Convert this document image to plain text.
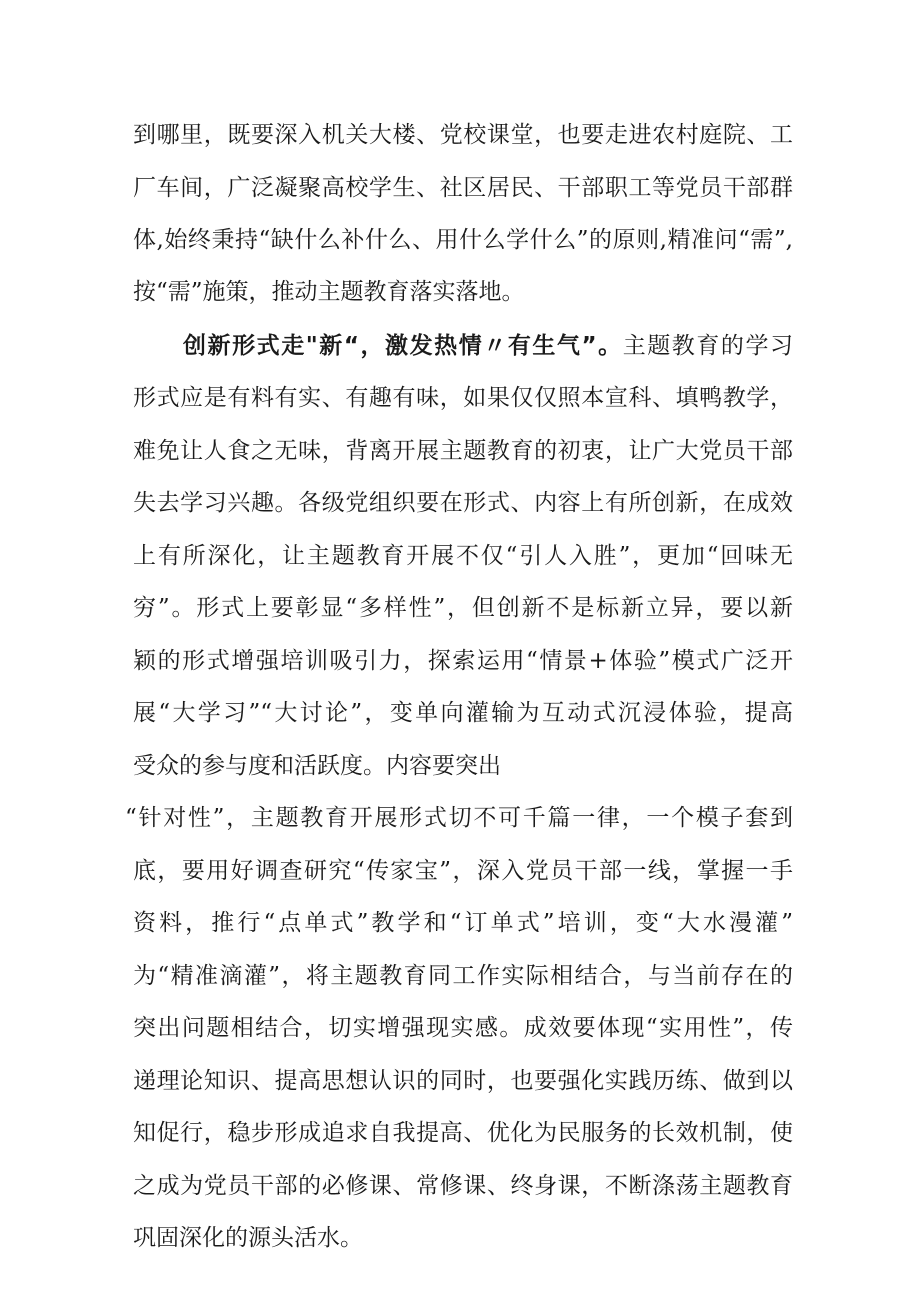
到哪里，既要深入机关大楼、党校课堂，也要走进农村庭院、工
厂车间，广泛凝聚高校学生、社区居民、干部职工等党员干部群
体,始终秉持“缺什么补什么、用什么学什么”的原则,精准问“需”,
按“需”施策，推动主题教育落实落地。
创新形式走"新“，激发热情〃有生气”。主题教育的学习
形式应是有料有实、有趣有味，如果仅仅照本宣科、填鸭教学，
难免让人食之无味，背离开展主题教育的初衷，让广大党员干部
失去学习兴趣。各级党组织要在形式、内容上有所创新，在成效
上有所深化，让主题教育开展不仅“引人入胜”，更加“回味无
穷”。形式上要彰显“多样性”，但创新不是标新立异，要以新
颖的形式增强培训吸引力，探索运用“情景+体验”模式广泛开
展“大学习”“大讨论”，变单向灌输为互动式沉浸体验，提高
受众的参与度和活跃度。内容要突出
“针对性”，主题教育开展形式切不可千篇一律，一个模子套到
底，要用好调查研究“传家宝”，深入党员干部一线，掌握一手
资料，推行“点单式”教学和“订单式”培训，变“大水漫灌”
为“精准滴灌”，将主题教育同工作实际相结合，与当前存在的
突出问题相结合，切实增强现实感。成效要体现“实用性”，传
递理论知识、提高思想认识的同时，也要强化实践历练、做到以
知促行，稳步形成追求自我提高、优化为民服务的长效机制，使
之成为党员干部的必修课、常修课、终身课，不断涤荡主题教育
巩固深化的源头活水。
